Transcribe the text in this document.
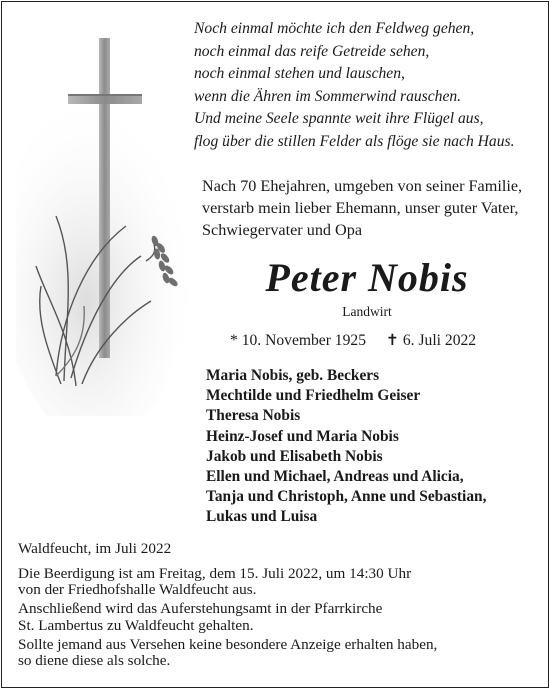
Noch einmal möchte ich den Feldweg gehen,
noch einmal das reife Getreide sehen,
noch einmal stehen und lauschen,
wenn die Ähren im Sommerwind rauschen.
Und meine Seele spannte weit ihre Flügel aus,
flog über die stillen Felder als flöge sie nach Haus.
Nach 70 Ehejahren, umgeben von seiner Familie,
verstarb mein lieber Ehemann, unser guter Vater,
Schwiegervater und Opa
Peter Nobis
Landwirt
* 10. November 1925 ✝ 6. Juli 2022
Maria Nobis, geb. Beckers
Mechtilde und Friedhelm Geiser
Theresa Nobis
Heinz-Josef und Maria Nobis
Jakob und Elisabeth Nobis
Ellen und Michael, Andreas und Alicia,
Tanja und Christoph, Anne und Sebastian,
Lukas und Luisa
Waldfeucht, im Juli 2022
Die Beerdigung ist am Freitag, dem 15. Juli 2022, um 14:30 Uhr
von der Friedhofshalle Waldfeucht aus.
Anschließend wird das Auferstehungsamt in der Pfarrkirche
St. Lambertus zu Waldfeucht gehalten.
Sollte jemand aus Versehen keine besondere Anzeige erhalten haben,
so diene diese als solche.
